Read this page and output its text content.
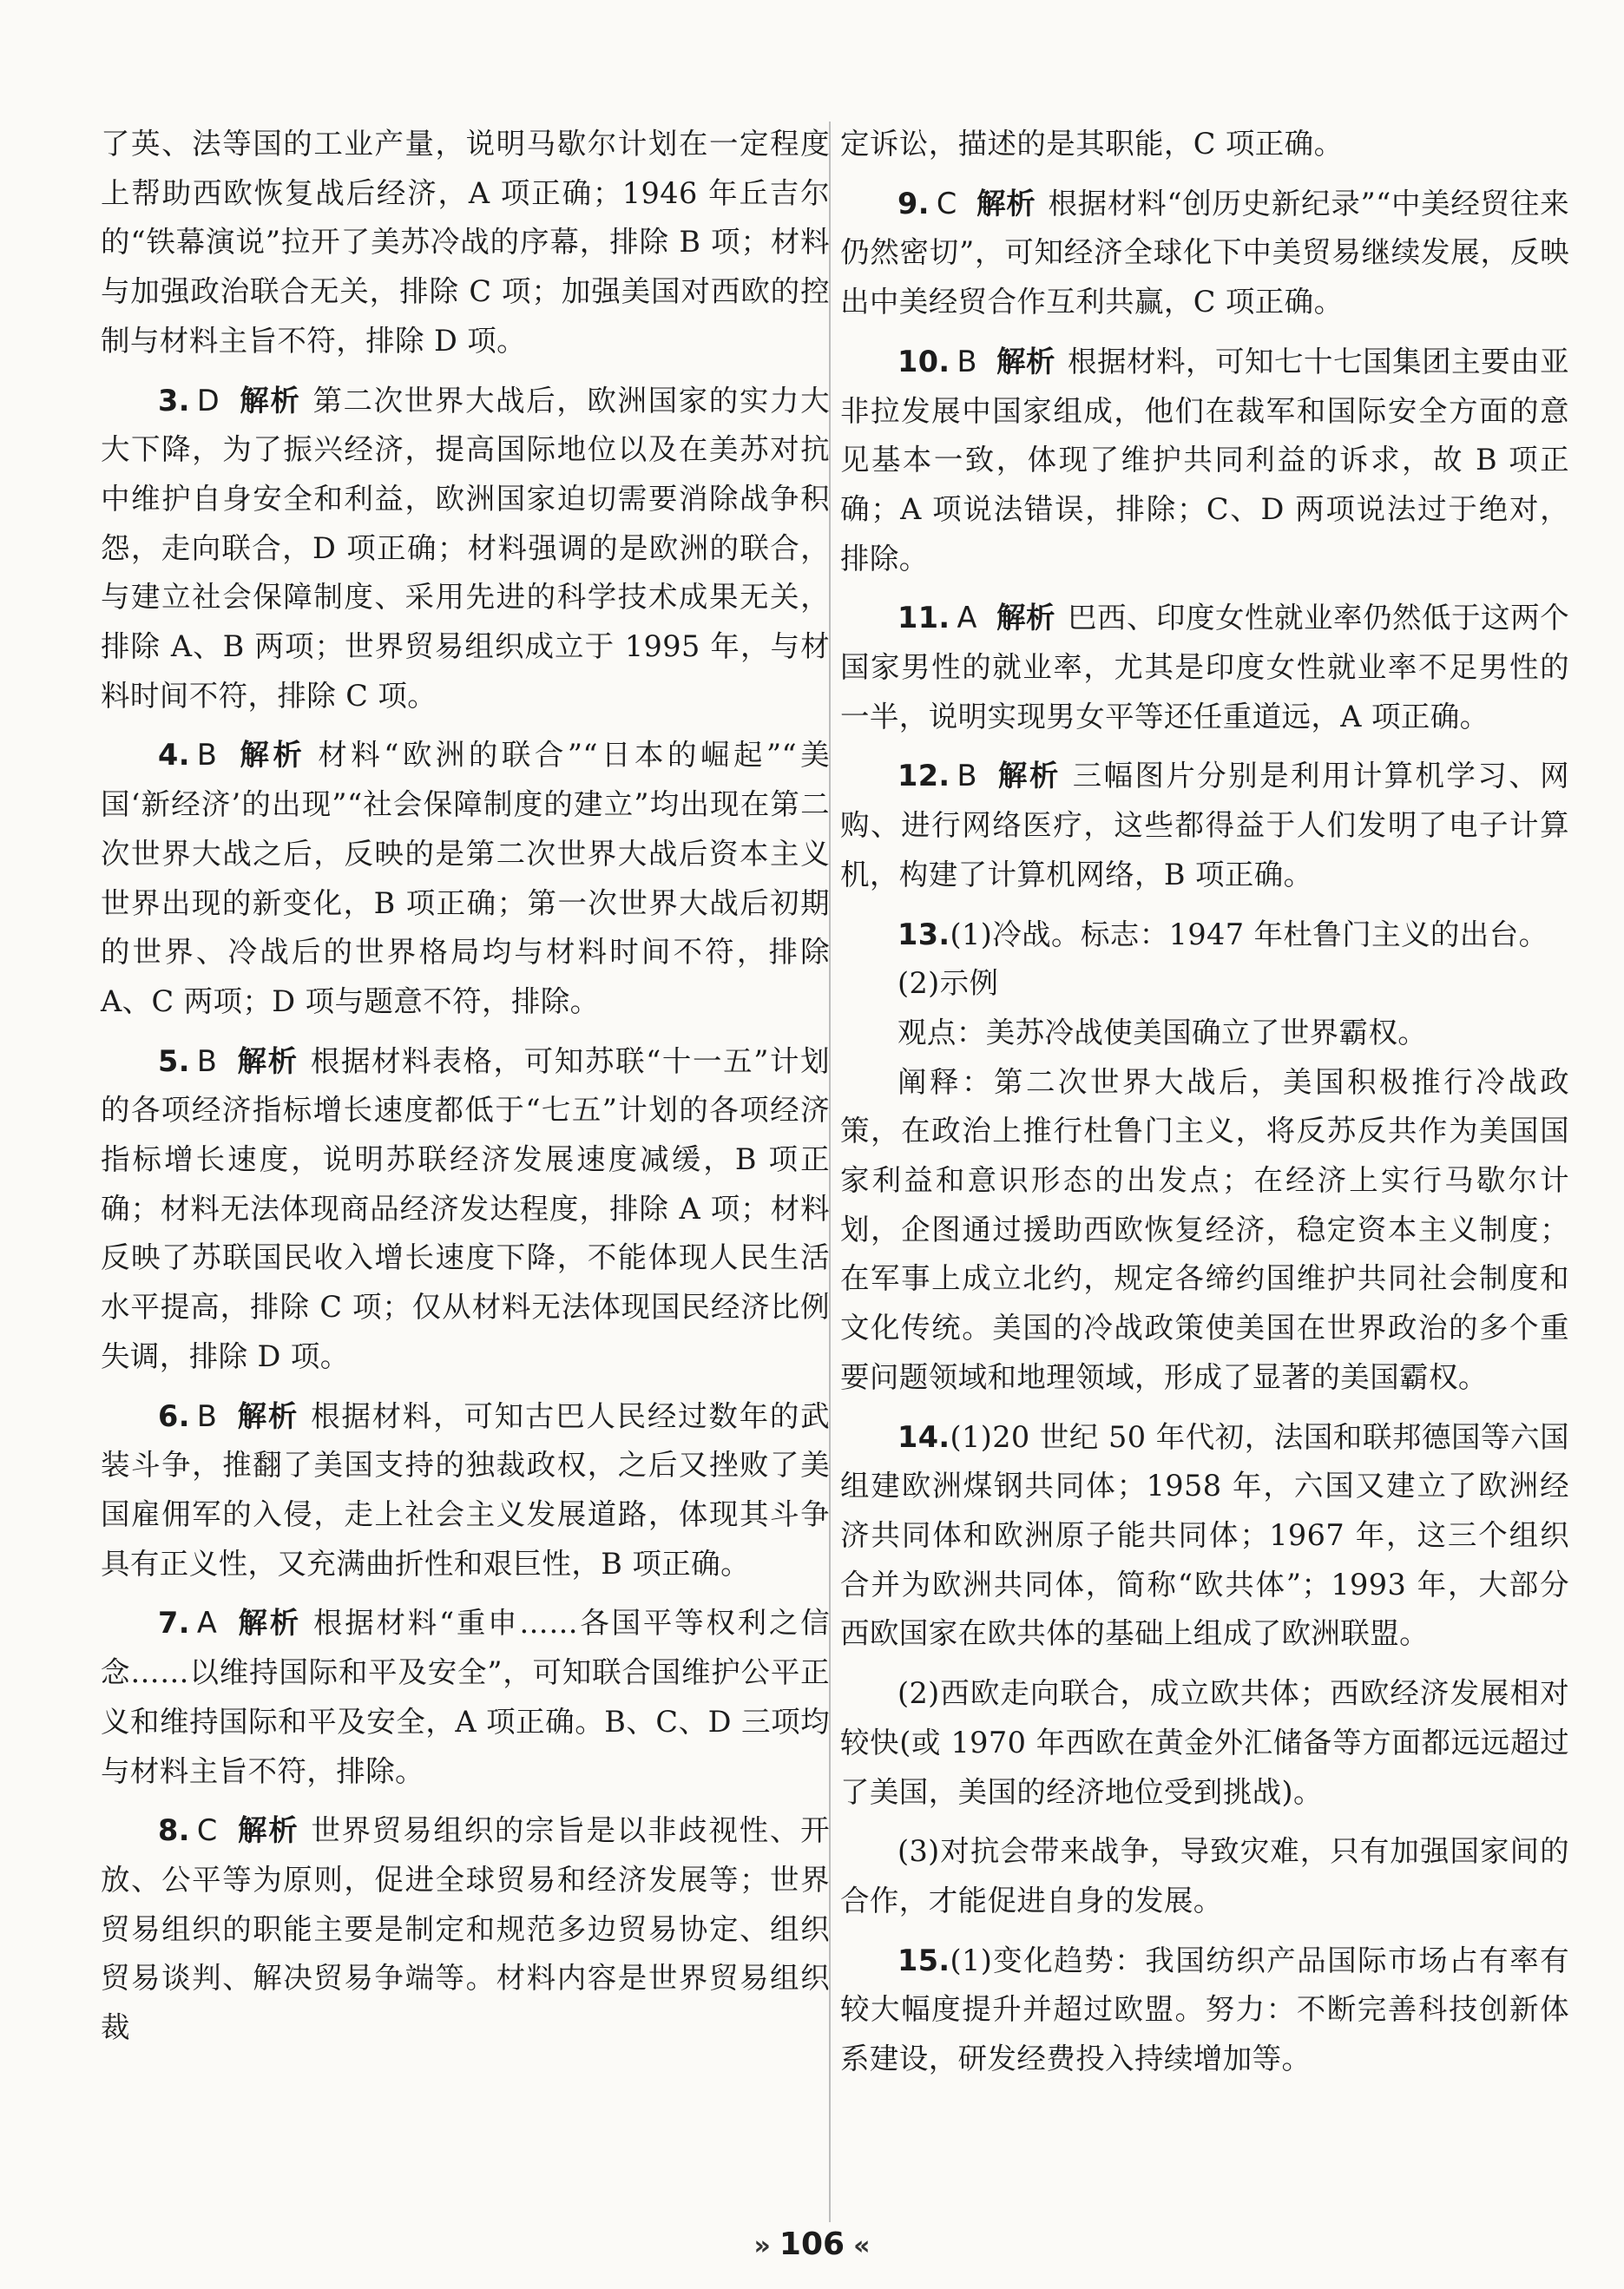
了英、法等国的工业产量，说明马歇尔计划在一定程度上帮助西欧恢复战后经济，A 项正确；1946 年丘吉尔的“铁幕演说”拉开了美苏冷战的序幕，排除 B 项；材料与加强政治联合无关，排除 C 项；加强美国对西欧的控制与材料主旨不符，排除 D 项。

3. D 解析 第二次世界大战后，欧洲国家的实力大大下降，为了振兴经济，提高国际地位以及在美苏对抗中维护自身安全和利益，欧洲国家迫切需要消除战争积怨，走向联合，D 项正确；材料强调的是欧洲的联合，与建立社会保障制度、采用先进的科学技术成果无关，排除 A、B 两项；世界贸易组织成立于 1995 年，与材料时间不符，排除 C 项。

4. B 解析 材料“欧洲的联合”“日本的崛起”“美国‘新经济’的出现”“社会保障制度的建立”均出现在第二次世界大战之后，反映的是第二次世界大战后资本主义世界出现的新变化，B 项正确；第一次世界大战后初期的世界、冷战后的世界格局均与材料时间不符，排除 A、C 两项；D 项与题意不符，排除。

5. B 解析 根据材料表格，可知苏联“十一五”计划的各项经济指标增长速度都低于“七五”计划的各项经济指标增长速度，说明苏联经济发展速度减缓，B 项正确；材料无法体现商品经济发达程度，排除 A 项；材料反映了苏联国民收入增长速度下降，不能体现人民生活水平提高，排除 C 项；仅从材料无法体现国民经济比例失调，排除 D 项。

6. B 解析 根据材料，可知古巴人民经过数年的武装斗争，推翻了美国支持的独裁政权，之后又挫败了美国雇佣军的入侵，走上社会主义发展道路，体现其斗争具有正义性，又充满曲折性和艰巨性，B 项正确。

7. A 解析 根据材料“重申……各国平等权利之信念……以维持国际和平及安全”，可知联合国维护公平正义和维持国际和平及安全，A 项正确。B、C、D 三项均与材料主旨不符，排除。

8. C 解析 世界贸易组织的宗旨是以非歧视性、开放、公平等为原则，促进全球贸易和经济发展等；世界贸易组织的职能主要是制定和规范多边贸易协定、组织贸易谈判、解决贸易争端等。材料内容是世界贸易组织裁

定诉讼，描述的是其职能，C 项正确。

9. C 解析 根据材料“创历史新纪录”“中美经贸往来仍然密切”，可知经济全球化下中美贸易继续发展，反映出中美经贸合作互利共赢，C 项正确。

10. B 解析 根据材料，可知七十七国集团主要由亚非拉发展中国家组成，他们在裁军和国际安全方面的意见基本一致，体现了维护共同利益的诉求，故 B 项正确；A 项说法错误，排除；C、D 两项说法过于绝对，排除。

11. A 解析 巴西、印度女性就业率仍然低于这两个国家男性的就业率，尤其是印度女性就业率不足男性的一半，说明实现男女平等还任重道远，A 项正确。

12. B 解析 三幅图片分别是利用计算机学习、网购、进行网络医疗，这些都得益于人们发明了电子计算机，构建了计算机网络，B 项正确。

13.(1)冷战。标志：1947 年杜鲁门主义的出台。

(2)示例

观点：美苏冷战使美国确立了世界霸权。

阐释：第二次世界大战后，美国积极推行冷战政策，在政治上推行杜鲁门主义，将反苏反共作为美国国家利益和意识形态的出发点；在经济上实行马歇尔计划，企图通过援助西欧恢复经济，稳定资本主义制度；在军事上成立北约，规定各缔约国维护共同社会制度和文化传统。美国的冷战政策使美国在世界政治的多个重要问题领域和地理领域，形成了显著的美国霸权。

14.(1)20 世纪 50 年代初，法国和联邦德国等六国组建欧洲煤钢共同体；1958 年，六国又建立了欧洲经济共同体和欧洲原子能共同体；1967 年，这三个组织合并为欧洲共同体，简称“欧共体”；1993 年，大部分西欧国家在欧共体的基础上组成了欧洲联盟。

(2)西欧走向联合，成立欧共体；西欧经济发展相对较快(或 1970 年西欧在黄金外汇储备等方面都远远超过了美国，美国的经济地位受到挑战)。

(3)对抗会带来战争，导致灾难，只有加强国家间的合作，才能促进自身的发展。

15.(1)变化趋势：我国纺织产品国际市场占有率有较大幅度提升并超过欧盟。努力：不断完善科技创新体系建设，研发经费投入持续增加等。

» 106 «
